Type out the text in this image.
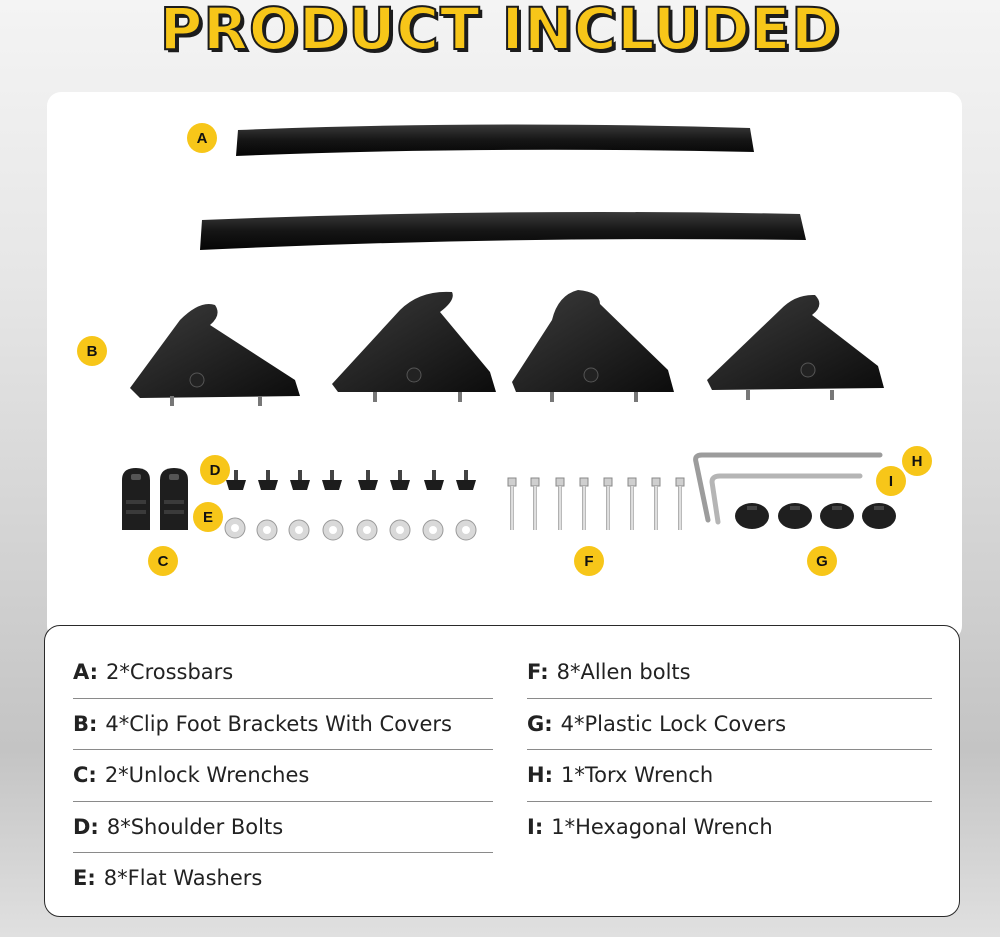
PRODUCT INCLUDED
A
B
C
D
E
F	G
H
I
A: 2*Crossbars
B: 4*Clip Foot Brackets With Covers
C: 2*Unlock Wrenches
D: 8*Shoulder Bolts
E: 8*Flat Washers
F: 8*Allen bolts
G: 4*Plastic Lock Covers
H: 1*Torx Wrench
I: 1*Hexagonal Wrench
